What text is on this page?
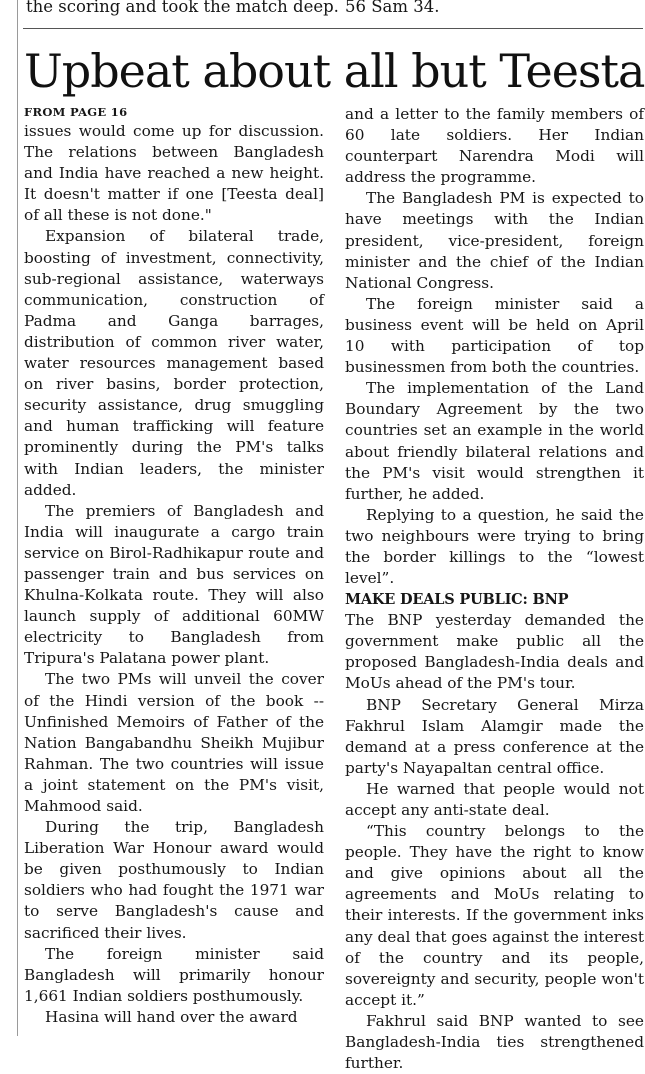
the scoring and took the match deep. 56 Sam 34.
Upbeat about all but Teesta
FROM PAGE 16

issues would come up for discussion. The relations between Bangladesh and India have reached a new height. It doesn't matter if one [Teesta deal] of all these is not done."

Expansion of bilateral trade, boosting of investment, connectivity, sub-regional assistance, waterways communication, construction of Padma and Ganga barrages, distribution of common river water, water resources management based on river basins, border protection, security assistance, drug smuggling and human trafficking will feature prominently during the PM's talks with Indian leaders, the minister added.

The premiers of Bangladesh and India will inaugurate a cargo train service on Birol-Radhikapur route and passenger train and bus services on Khulna-Kolkata route. They will also launch supply of additional 60MW electricity to Bangladesh from Tripura's Palatana power plant.

The two PMs will unveil the cover of the Hindi version of the book -- Unfinished Memoirs of Father of the Nation Bangabandhu Sheikh Mujibur Rahman. The two countries will issue a joint statement on the PM's visit, Mahmood said.

During the trip, Bangladesh Liberation War Honour award would be given posthumously to Indian soldiers who had fought the 1971 war to serve Bangladesh's cause and sacrificed their lives.

The foreign minister said Bangladesh will primarily honour 1,661 Indian soldiers posthumously.

Hasina will hand over the award

and a letter to the family members of 60 late soldiers. Her Indian counterpart Narendra Modi will address the programme.

The Bangladesh PM is expected to have meetings with the Indian president, vice-president, foreign minister and the chief of the Indian National Congress.

The foreign minister said a business event will be held on April 10 with participation of top businessmen from both the countries.

The implementation of the Land Boundary Agreement by the two countries set an example in the world about friendly bilateral relations and the PM's visit would strengthen it further, he added.

Replying to a question, he said the two neighbours were trying to bring the border killings to the “lowest level”.

MAKE DEALS PUBLIC: BNP

The BNP yesterday demanded the government make public all the proposed Bangladesh-India deals and MoUs ahead of the PM's tour.

BNP Secretary General Mirza Fakhrul Islam Alamgir made the demand at a press conference at the party's Nayapaltan central office.

He warned that people would not accept any anti-state deal.

“This country belongs to the people. They have the right to know and give opinions about all the agreements and MoUs relating to their interests. If the government inks any deal that goes against the interest of the country and its people, sovereignty and security, people won't accept it.”

Fakhrul said BNP wanted to see Bangladesh-India ties strengthened further.
